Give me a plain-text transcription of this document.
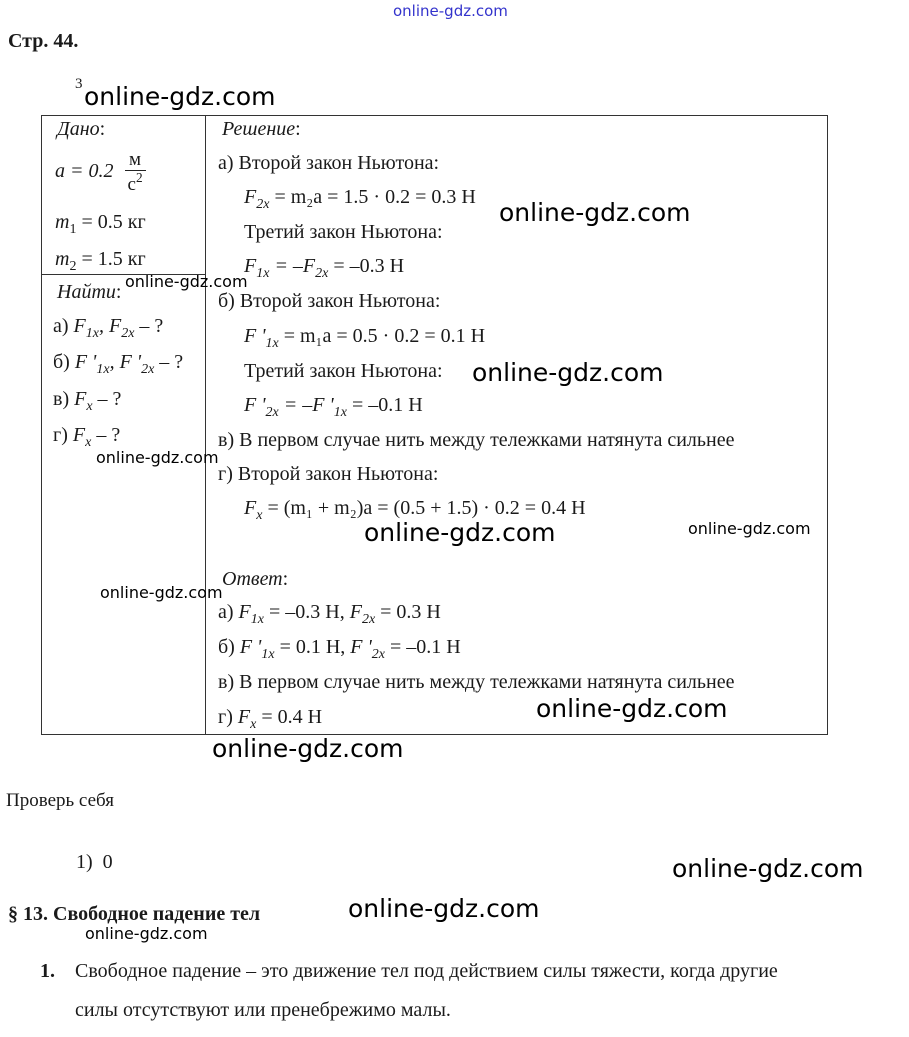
online-gdz.com
Стр. 44.
3
Дано:
$a = 0.2 \frac{м}{с^2}$
$m_1 = 0.5$ кг
$m_2 = 1.5$ кг
Найти:
а) $F_{1x}$, $F_{2x}$ – ?
б) F '$_{1x}$, F '$_{2x}$ – ?
в) $F_x$ – ?
г) $F_x$ – ?
Решение:
а) Второй закон Ньютона:
$F_{2x} = m_2a = 1.5 \cdot 0.2 = 0.3$ Н
Третий закон Ньютона:
$F_{1x} = -F_{2x} = -0.3$ Н
б) Второй закон Ньютона:
F '$_{1x} = m_1a = 0.5 \cdot 0.2 = 0.1$ Н
Третий закон Ньютона:
F '$_{2x} = -F$ '$_{1x} = -0.1$ Н
в) В первом случае нить между тележками натянута сильнее
г) Второй закон Ньютона:
$F_x = (m_1 + m_2)a = (0.5 + 1.5) \cdot 0.2 = 0.4$ Н
Ответ:
а) $F_{1x} = -0.3$ Н, $F_{2x} = 0.3$ Н
б) F '$_{1x} = 0.1$ Н, F '$_{2x} = -0.1$ Н
в) В первом случае нить между тележками натянута сильнее
г) $F_x = 0.4$ Н
Проверь себя
1) 0
§ 13. Свободное падение тел
1. Свободное падение – это движение тел под действием силы тяжести, когда другие
силы отсутствуют или пренебрежимо малы.
online-gdz.com
online-gdz.com
online-gdz.com
online-gdz.com
online-gdz.com
online-gdz.com	online-gdz.com
online-gdz.com
online-gdz.com
online-gdz.com
online-gdz.com
online-gdz.com
online-gdz.com
